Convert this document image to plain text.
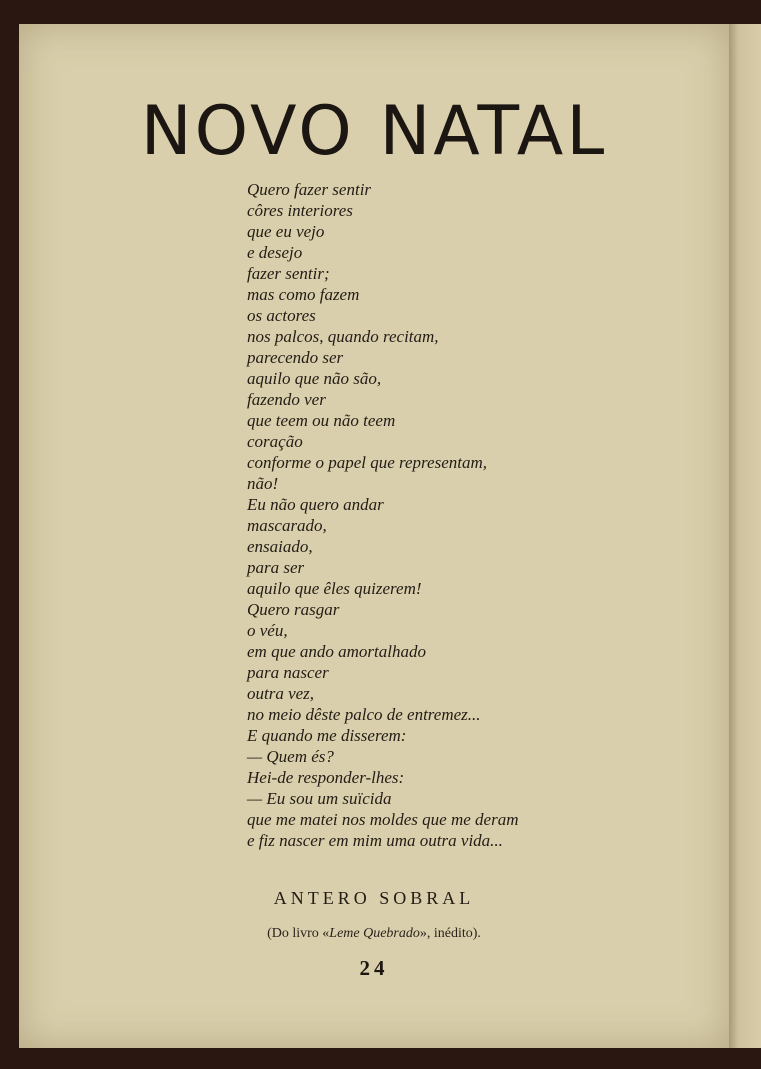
NOVO NATAL
Quero fazer sentir
côres interiores
que eu vejo
e desejo
fazer sentir;
mas como fazem
os actores
nos palcos, quando recitam,
parecendo ser
aquilo que não são,
fazendo ver
que teem ou não teem
coração
conforme o papel que representam,
não!
Eu não quero andar
mascarado,
ensaiado,
para ser
aquilo que êles quizerem!
Quero rasgar
o véu,
em que ando amortalhado
para nascer
outra vez,
no meio dêste palco de entremez...
E quando me disserem:
— Quem és?
Hei-de responder-lhes:
— Eu sou um suïcida
que me matei nos moldes que me deram
e fiz nascer em mim uma outra vida...
ANTERO SOBRAL
(Do livro «Leme Quebrado», inédito).
24
